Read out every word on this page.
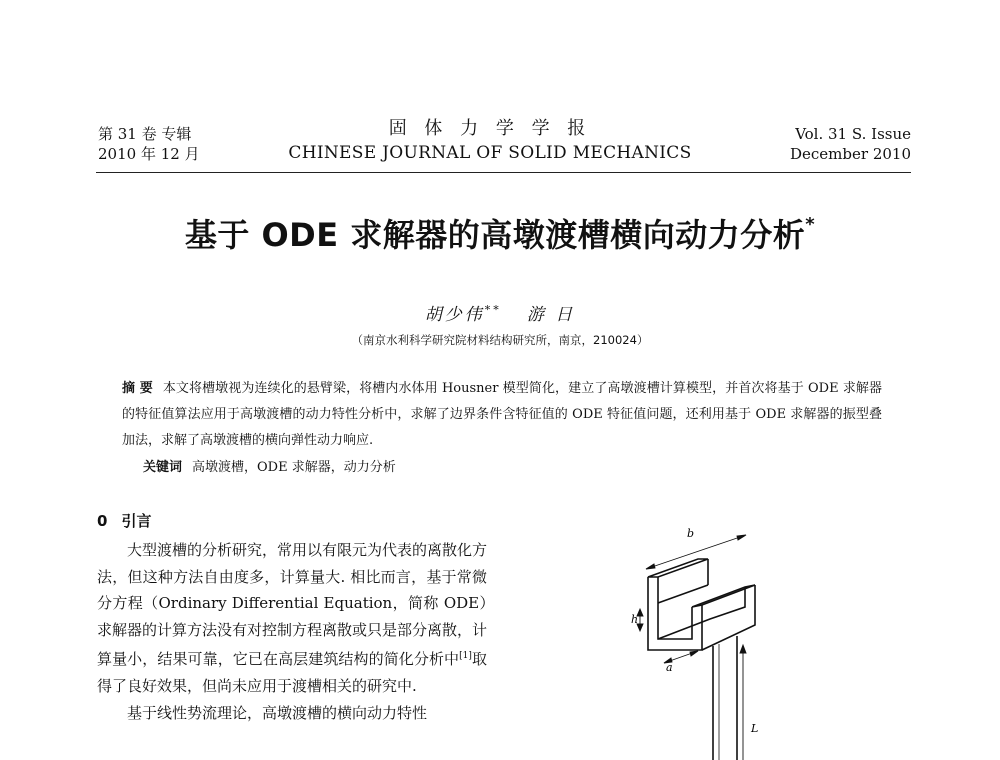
第 31 卷 专辑
2010 年 12 月
固 体 力 学 学 报
CHINESE JOURNAL OF SOLID MECHANICS
Vol. 31 S. Issue
December 2010
基于 ODE 求解器的高墩渡槽横向动力分析*
胡少伟** 游 日
（南京水利科学研究院材料结构研究所，南京，210024）
摘 要 本文将槽墩视为连续化的悬臂梁，将槽内水体用 Housner 模型简化，建立了高墩渡槽计算模型，并首次将基于 ODE 求解器的特征值算法应用于高墩渡槽的动力特性分析中，求解了边界条件含特征值的 ODE 特征值问题，还利用基于 ODE 求解器的振型叠加法，求解了高墩渡槽的横向弹性动力响应.
关键词 高墩渡槽，ODE 求解器，动力分析
0 引言

大型渡槽的分析研究，常用以有限元为代表的离散化方法，但这种方法自由度多，计算量大. 相比而言，基于常微分方程（Ordinary Differential Equation，简称 ODE）求解器的计算方法没有对控制方程离散或只是部分离散，计算量小，结果可靠，它已在高层建筑结构的简化分析中[1]取得了良好效果，但尚未应用于渡槽相关的研究中.

基于线性势流理论，高墩渡槽的横向动力特性

b
h
a
L
